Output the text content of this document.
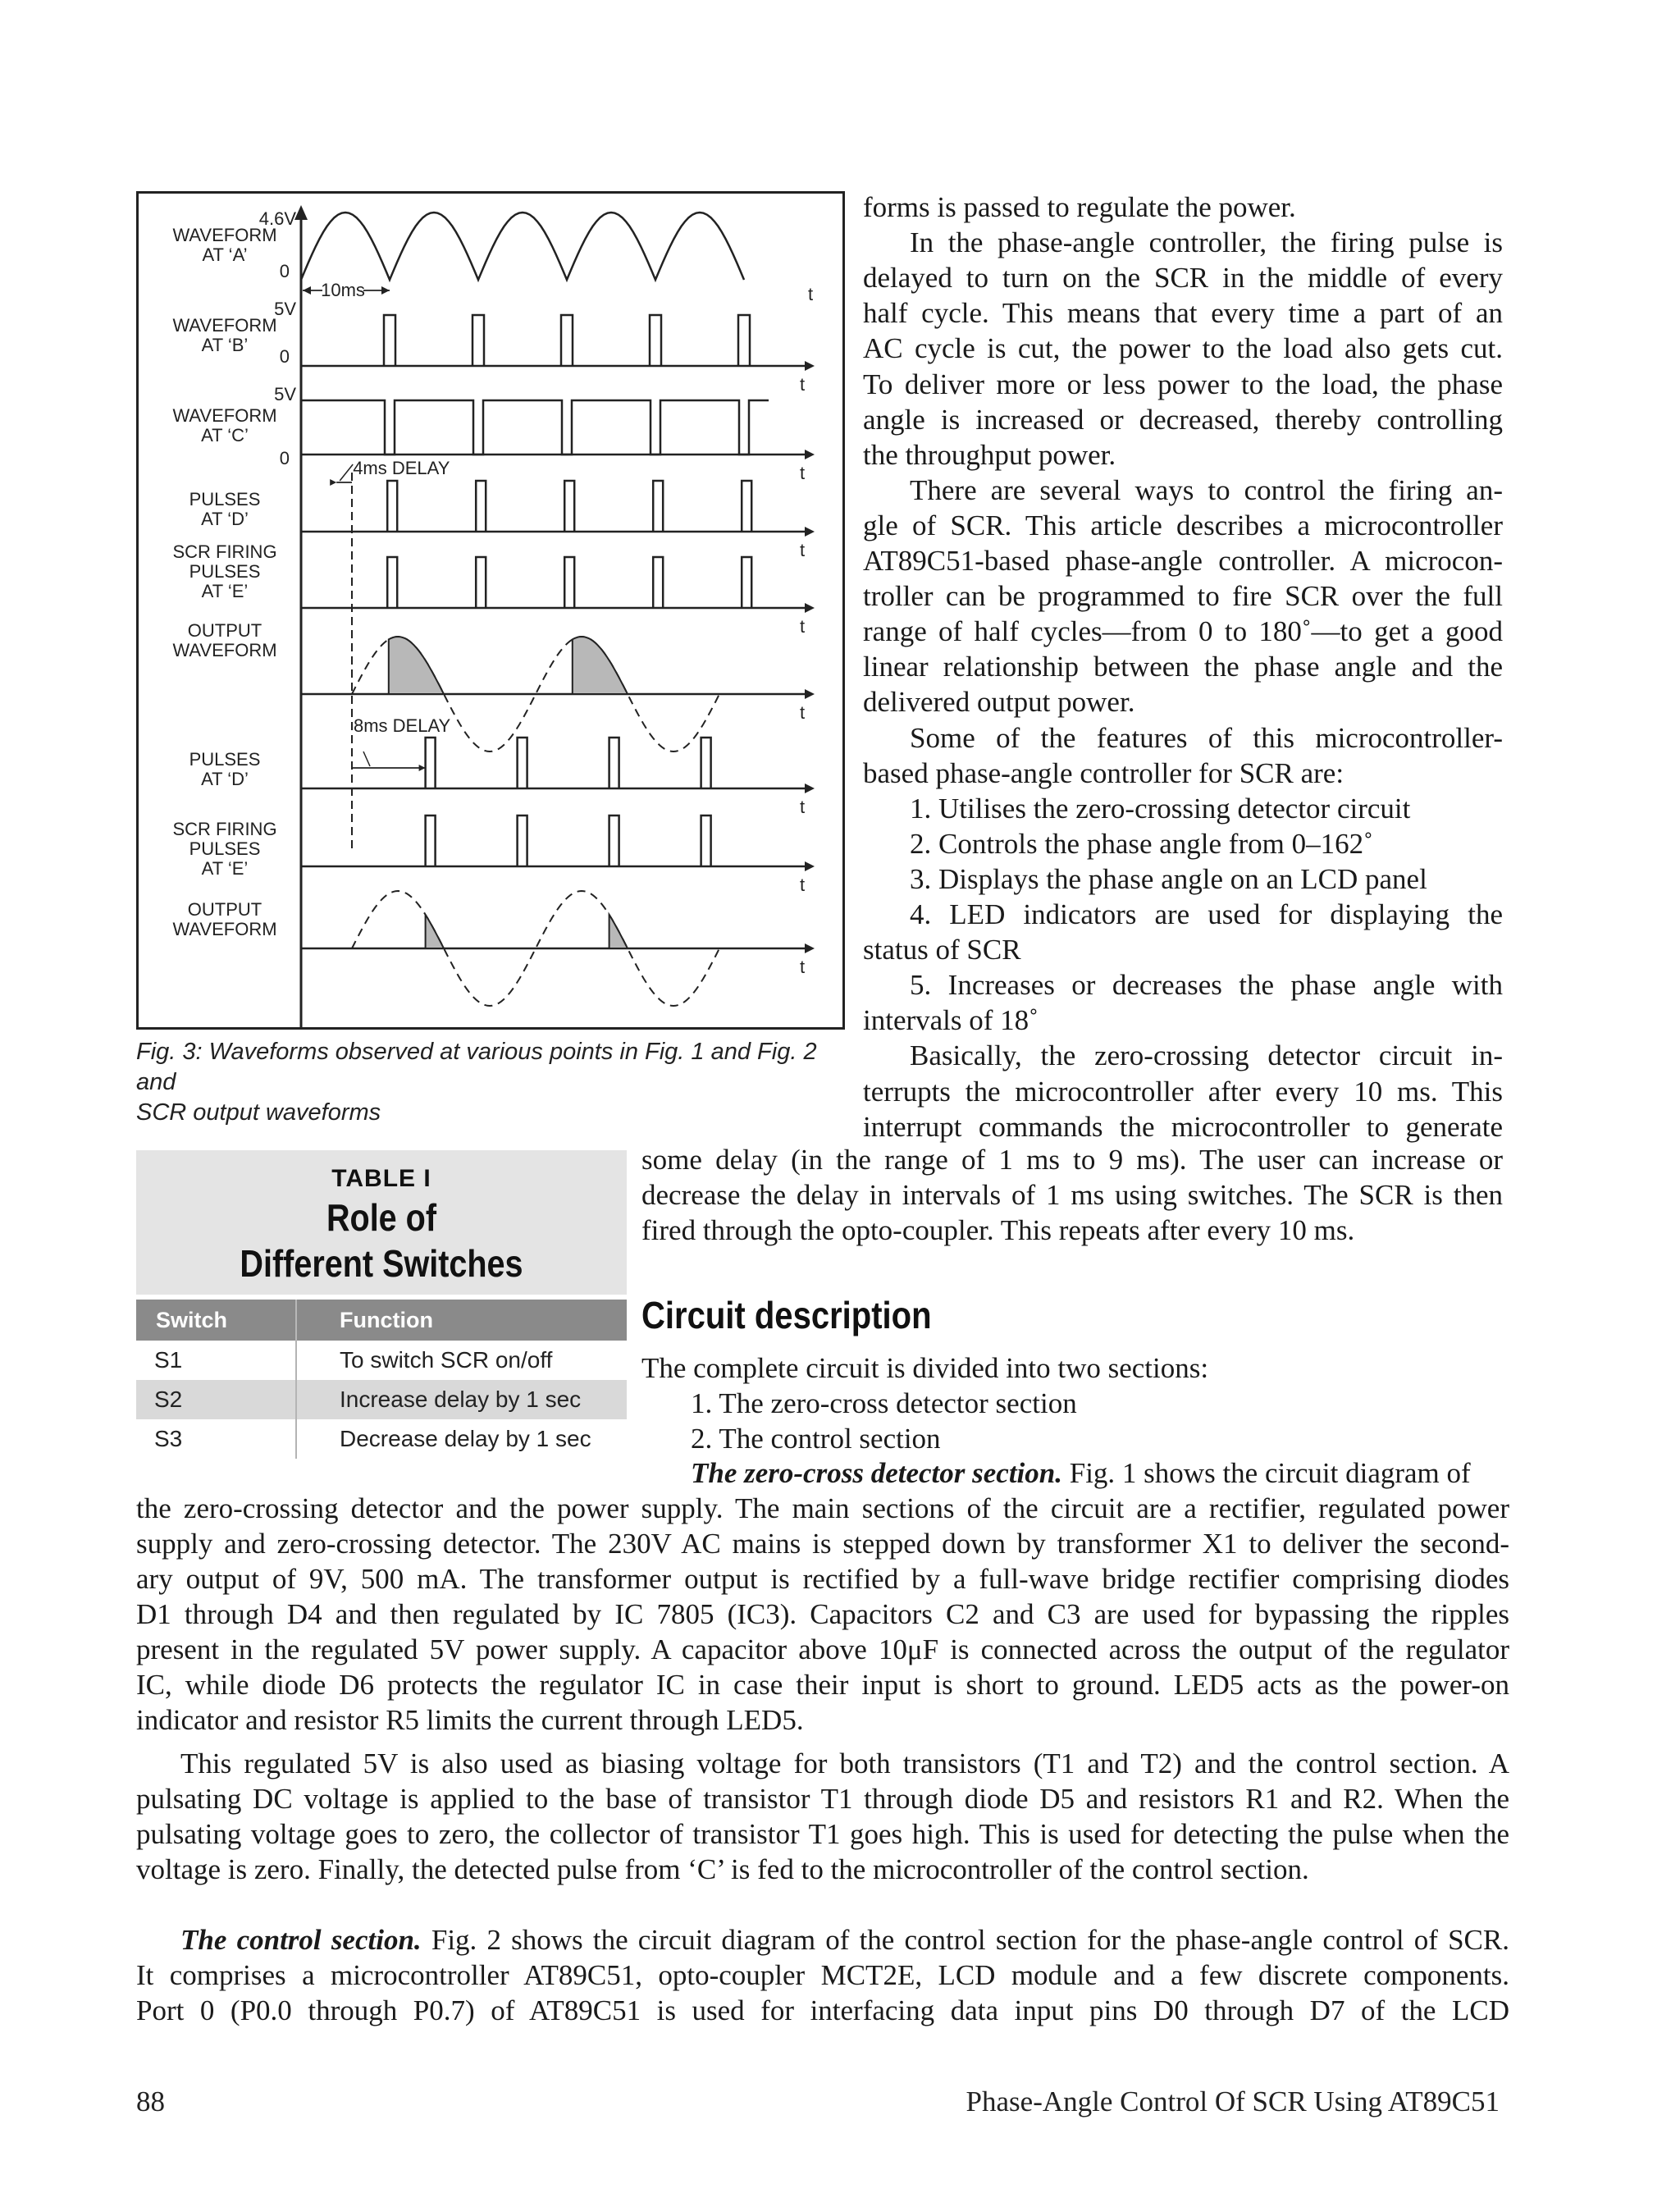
4.6V
WAVEFORM
AT ‘A’
0
10ms	t
t
5V
WAVEFORM
AT ‘B’
0
t
5V
WAVEFORM
AT ‘C’
0	4ms DELAY
t
PULSES
AT ‘D’
t
SCR FIRING
PULSES
AT ‘E’
t
OUTPUT
WAVEFORM
8ms DELAY
t
PULSES
AT ‘D’
t
SCR FIRING
PULSES
AT ‘E’
t
OUTPUT
WAVEFORM
Fig. 3: Waveforms observed at various points in Fig. 1 and Fig. 2 and
SCR output waveforms
TABLE I
Role of
Different Switches
Switch	Function
S1	To switch SCR on/off
S2	Increase delay by 1 sec
S3	Decrease delay by 1 sec
forms is passed to regulate the power.
In the phase-angle controller, the firing pulse is
delayed to turn on the SCR in the middle of every
half cycle. This means that every time a part of an
AC cycle is cut, the power to the load also gets cut.
To deliver more or less power to the load, the phase
angle is increased or decreased, thereby controlling
the throughput power.
There are several ways to control the firing an-
gle of SCR. This article describes a microcontroller
AT89C51-based phase-angle controller. A microcon-
troller can be programmed to fire SCR over the full
range of half cycles—from 0 to 180˚—to get a good
linear relationship between the phase angle and the
delivered output power.
Some of the features of this microcontroller-
based phase-angle controller for SCR are:
1. Utilises the zero-crossing detector circuit
2. Controls the phase angle from 0–162˚
3. Displays the phase angle on an LCD panel
4. LED indicators are used for displaying the
status of SCR
5. Increases or decreases the phase angle with
intervals of 18˚
Basically, the zero-crossing detector circuit in-
terrupts the microcontroller after every 10 ms. This
interrupt commands the microcontroller to generate
some delay (in the range of 1 ms to 9 ms). The user can increase or
decrease the delay in intervals of 1 ms using switches. The SCR is then
fired through the opto-coupler. This repeats after every 10 ms.
Circuit description
The complete circuit is divided into two sections:
1. The zero-cross detector section
2. The control section
The zero-cross detector section. Fig. 1 shows the circuit diagram of
the zero-crossing detector and the power supply. The main sections of the circuit are a rectifier, regulated power
supply and zero-crossing detector. The 230V AC mains is stepped down by transformer X1 to deliver the second-
ary output of 9V, 500 mA. The transformer output is rectified by a full-wave bridge rectifier comprising diodes
D1 through D4 and then regulated by IC 7805 (IC3). Capacitors C2 and C3 are used for bypassing the ripples
present in the regulated 5V power supply. A capacitor above 10μF is connected across the output of the regulator
IC, while diode D6 protects the regulator IC in case their input is short to ground. LED5 acts as the power-on
indicator and resistor R5 limits the current through LED5.
This regulated 5V is also used as biasing voltage for both transistors (T1 and T2) and the control section. A
pulsating DC voltage is applied to the base of transistor T1 through diode D5 and resistors R1 and R2. When the
pulsating voltage goes to zero, the collector of transistor T1 goes high. This is used for detecting the pulse when the
voltage is zero. Finally, the detected pulse from ‘C’ is fed to the microcontroller of the control section.
It comprises a microcontroller AT89C51, opto-coupler MCT2E, LCD module and a few discrete components.
Port 0 (P0.0 through P0.7) of AT89C51 is used for interfacing data input pins D0 through D7 of the LCD
The control section. Fig. 2 shows the circuit diagram of the control section for the phase-angle control of SCR.
88	Phase-Angle Control Of SCR Using AT89C51
